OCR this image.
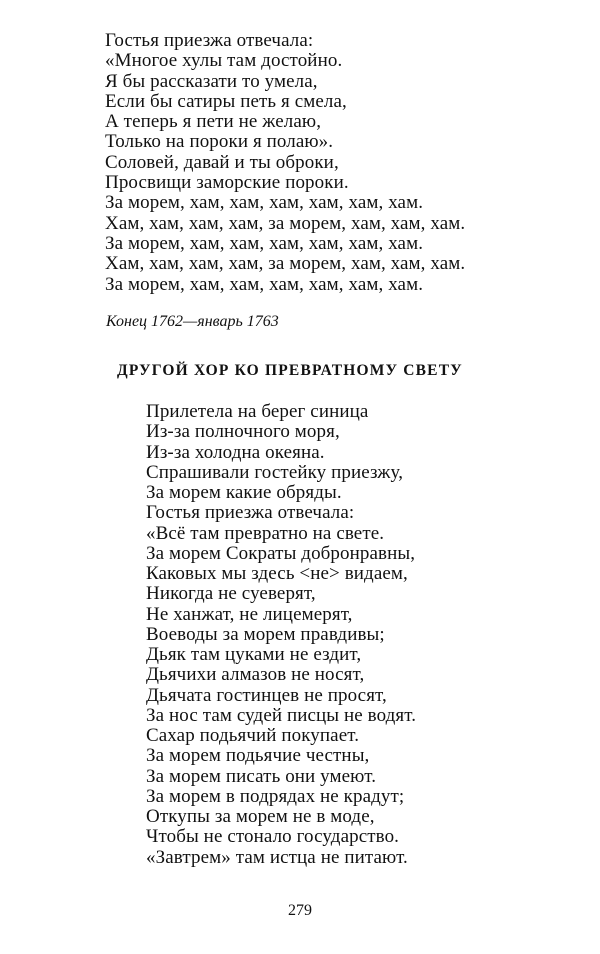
Гостья приезжа отвечала:
«Многое хулы там достойно.
Я бы рассказати то умела,
Если бы сатиры петь я смела,
А теперь я пети не желаю,
Только на пороки я полаю».
Соловей, давай и ты оброки,
Просвищи заморские пороки.
За морем, хам, хам, хам, хам, хам, хам.
Хам, хам, хам, хам, за морем, хам, хам, хам.
За морем, хам, хам, хам, хам, хам, хам.
Хам, хам, хам, хам, за морем, хам, хам, хам.
За морем, хам, хам, хам, хам, хам, хам.
Конец 1762—январь 1763
ДРУГОЙ ХОР КО ПРЕВРАТНОМУ СВЕТУ
Прилетела на берег синица
Из-за полночного моря,
Из-за холодна океяна.
Спрашивали гостейку приезжу,
За морем какие обряды.
Гостья приезжа отвечала:
«Всё там превратно на свете.
За морем Сократы добронравны,
Каковых мы здесь <не> видаем,
Никогда не суеверят,
Не ханжат, не лицемерят,
Воеводы за морем правдивы;
Дьяк там цуками не ездит,
Дьячихи алмазов не носят,
Дьячата гостинцев не просят,
За нос там судей писцы не водят.
Сахар подьячий покупает.
За морем подьячие честны,
За морем писать они умеют.
За морем в подрядах не крадут;
Откупы за морем не в моде,
Чтобы не стонало государство.
«Завтрем» там истца не питают.
279
